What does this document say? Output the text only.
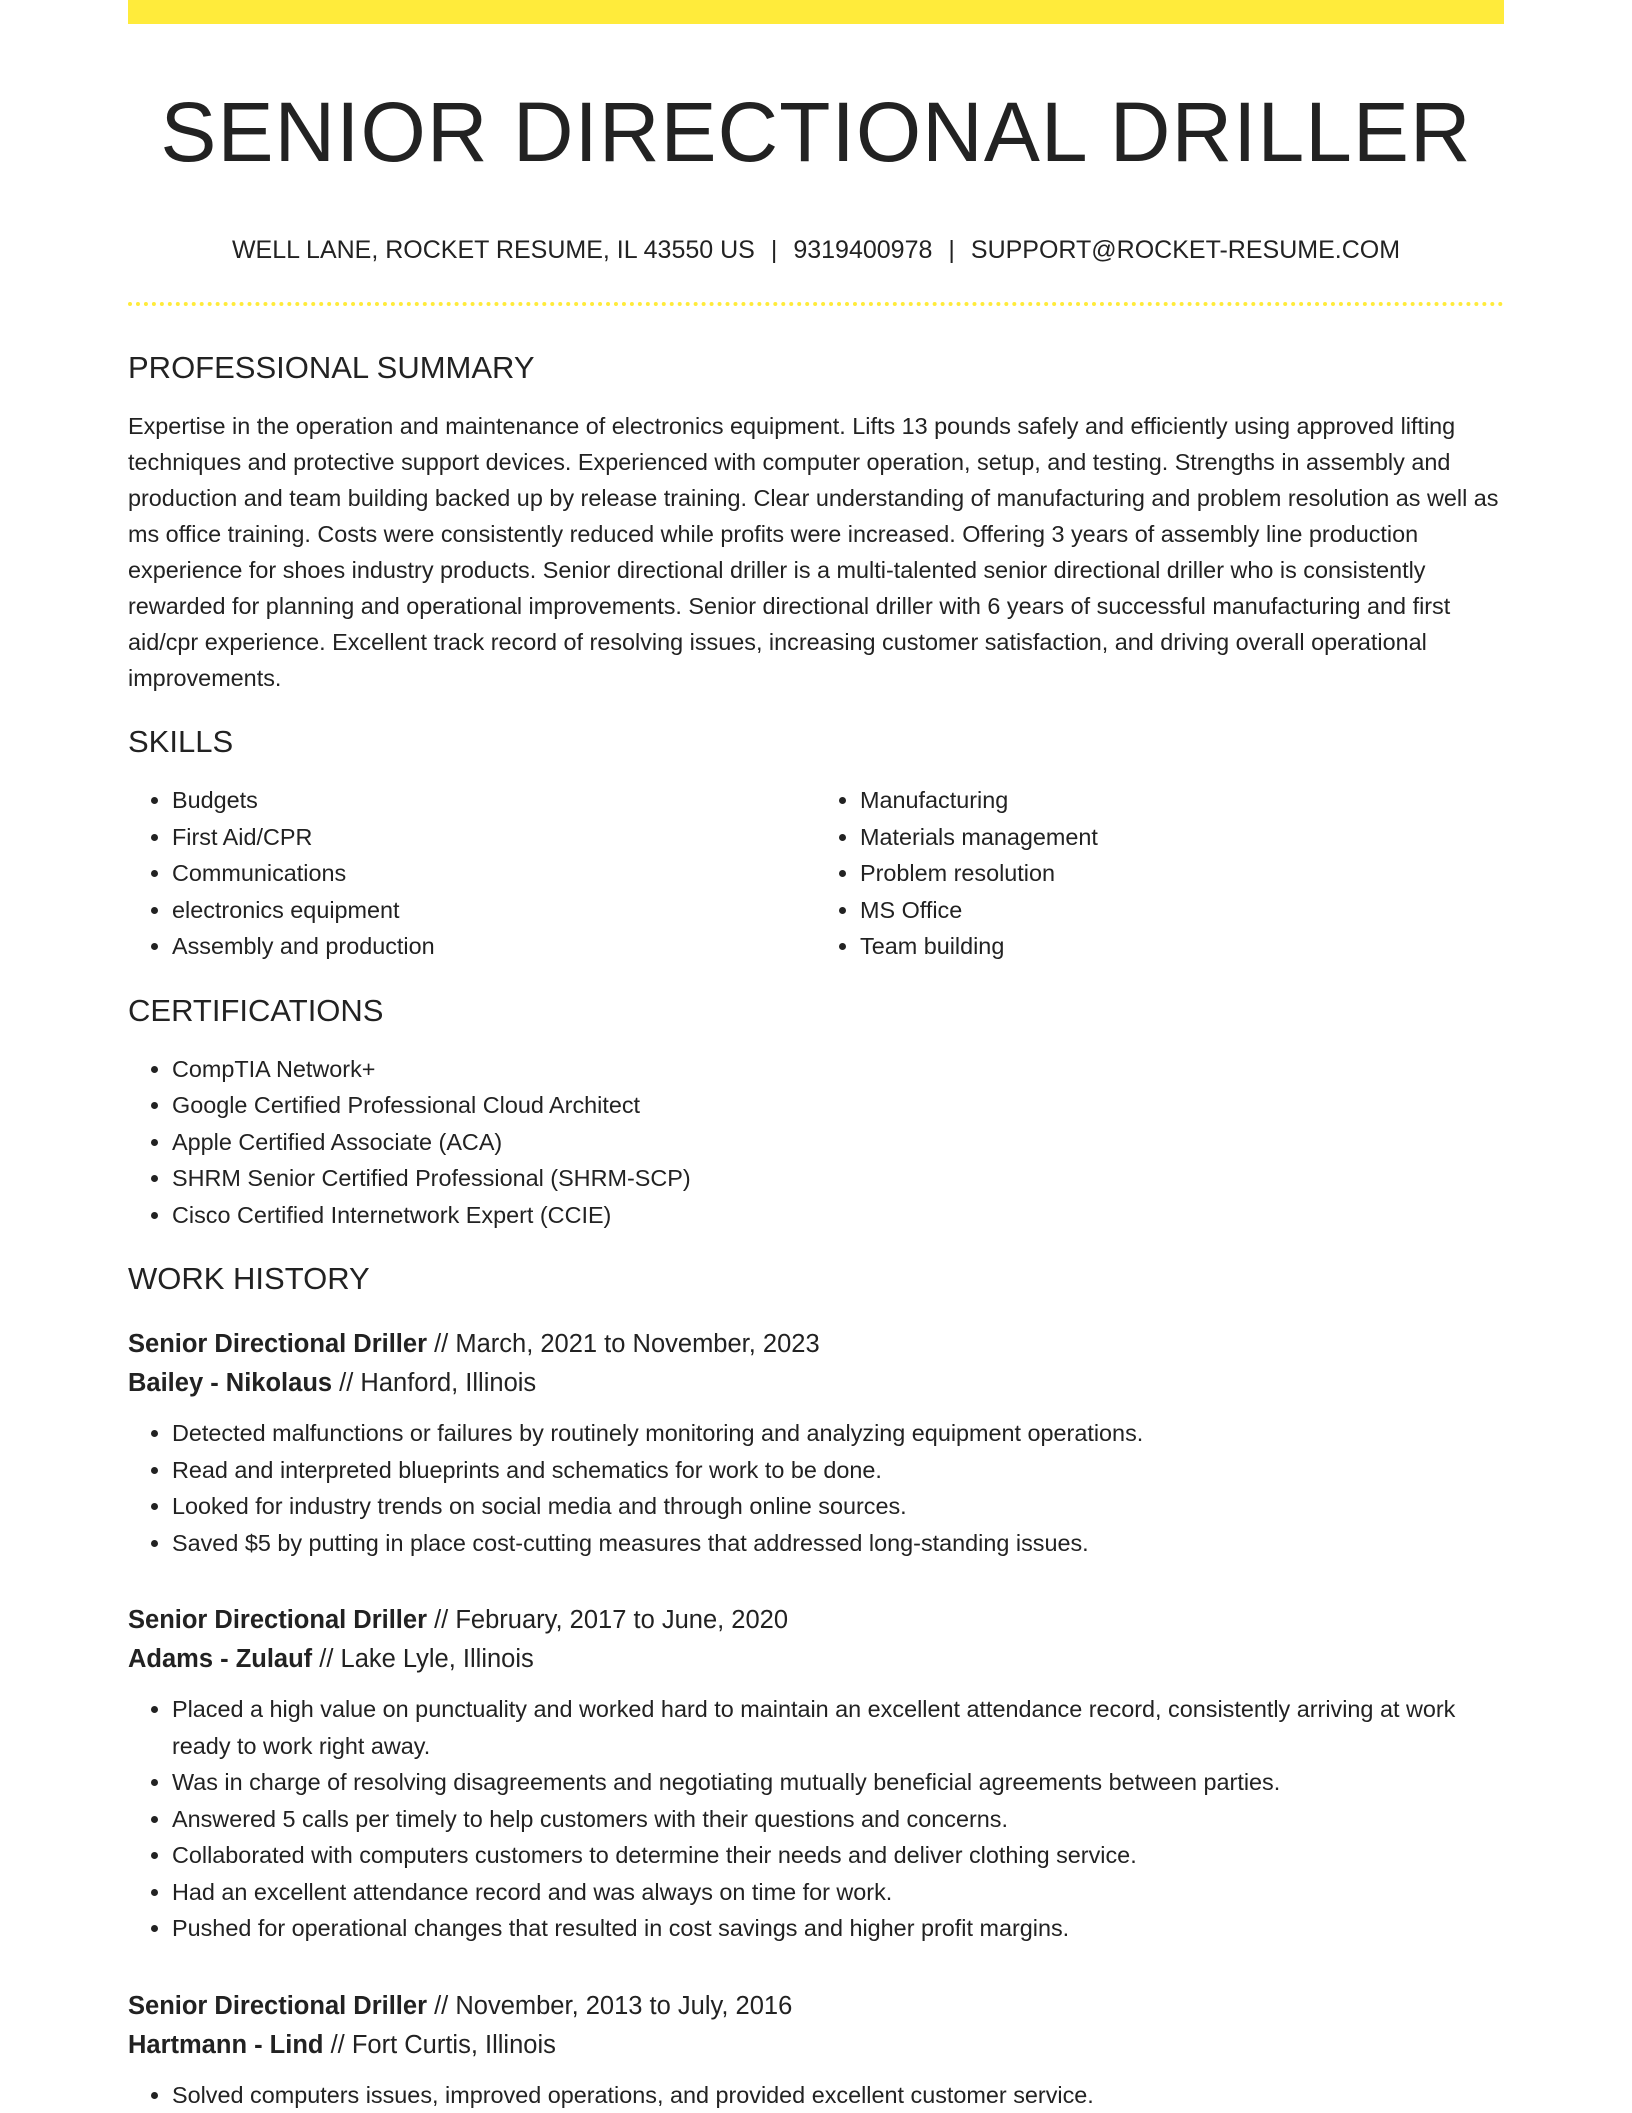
SENIOR DIRECTIONAL DRILLER
WELL LANE, ROCKET RESUME, IL 43550 US | 9319400978 | SUPPORT@ROCKET-RESUME.COM
PROFESSIONAL SUMMARY
Expertise in the operation and maintenance of electronics equipment. Lifts 13 pounds safely and efficiently using approved lifting techniques and protective support devices. Experienced with computer operation, setup, and testing. Strengths in assembly and production and team building backed up by release training. Clear understanding of manufacturing and problem resolution as well as ms office training. Costs were consistently reduced while profits were increased. Offering 3 years of assembly line production experience for shoes industry products. Senior directional driller is a multi-talented senior directional driller who is consistently rewarded for planning and operational improvements. Senior directional driller with 6 years of successful manufacturing and first aid/cpr experience. Excellent track record of resolving issues, increasing customer satisfaction, and driving overall operational improvements.
SKILLS
• Budgets
• First Aid/CPR
• Communications
• electronics equipment
• Assembly and production
• Manufacturing
• Materials management
• Problem resolution
• MS Office
• Team building
CERTIFICATIONS
• CompTIA Network+
• Google Certified Professional Cloud Architect
• Apple Certified Associate (ACA)
• SHRM Senior Certified Professional (SHRM-SCP)
• Cisco Certified Internetwork Expert (CCIE)
WORK HISTORY
Senior Directional Driller // March, 2021 to November, 2023
Bailey - Nikolaus // Hanford, Illinois
• Detected malfunctions or failures by routinely monitoring and analyzing equipment operations.
• Read and interpreted blueprints and schematics for work to be done.
• Looked for industry trends on social media and through online sources.
• Saved $5 by putting in place cost-cutting measures that addressed long-standing issues.
Senior Directional Driller // February, 2017 to June, 2020
Adams - Zulauf // Lake Lyle, Illinois
• Placed a high value on punctuality and worked hard to maintain an excellent attendance record, consistently arriving at work ready to work right away.
• Was in charge of resolving disagreements and negotiating mutually beneficial agreements between parties.
• Answered 5 calls per timely to help customers with their questions and concerns.
• Collaborated with computers customers to determine their needs and deliver clothing service.
• Had an excellent attendance record and was always on time for work.
• Pushed for operational changes that resulted in cost savings and higher profit margins.
Senior Directional Driller // November, 2013 to July, 2016
Hartmann - Lind // Fort Curtis, Illinois
• Solved computers issues, improved operations, and provided excellent customer service.
